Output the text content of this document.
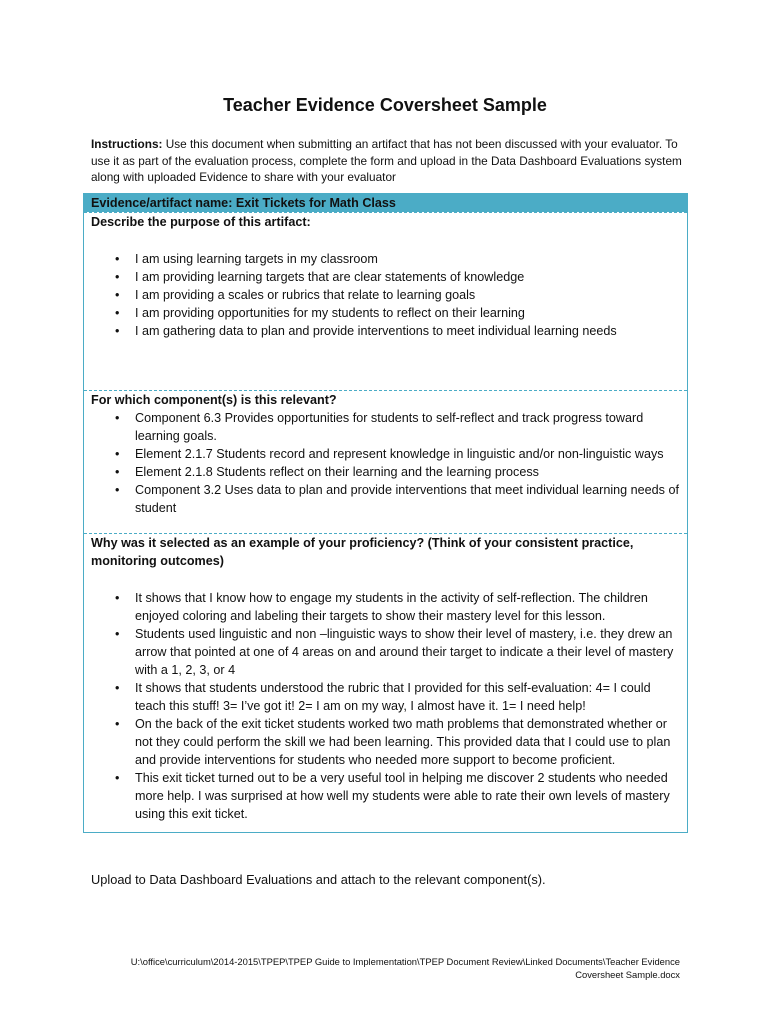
Teacher Evidence Coversheet Sample
Instructions: Use this document when submitting an artifact that has not been discussed with your evaluator. To use it as part of the evaluation process, complete the form and upload in the Data Dashboard Evaluations system along with uploaded Evidence to share with your evaluator
Evidence/artifact name: Exit Tickets for Math Class
Describe the purpose of this artifact:
• I am using learning targets in my classroom
• I am providing learning targets that are clear statements of knowledge
• I am providing a scales or rubrics that relate to learning goals
• I am providing opportunities for my students to reflect on their learning
• I am gathering data to plan and provide interventions to meet individual learning needs
For which component(s) is this relevant?
• Component 6.3 Provides opportunities for students to self-reflect and track progress toward learning goals.
• Element 2.1.7 Students record and represent knowledge in linguistic and/or non-linguistic ways
• Element 2.1.8 Students reflect on their learning and the learning process
• Component 3.2 Uses data to plan and provide interventions that meet individual learning needs of student
Why was it selected as an example of your proficiency? (Think of your consistent practice, monitoring outcomes)
• It shows that I know how to engage my students in the activity of self-reflection. The children enjoyed coloring and labeling their targets to show their mastery level for this lesson.
• Students used linguistic and non –linguistic ways to show their level of mastery, i.e. they drew an arrow that pointed at one of 4 areas on and around their target to indicate a their level of mastery with a 1, 2, 3, or 4
• It shows that students understood the rubric that I provided for this self-evaluation: 4= I could teach this stuff! 3= I’ve got it! 2= I am on my way, I almost have it. 1= I need help!
• On the back of the exit ticket students worked two math problems that demonstrated whether or not they could perform the skill we had been learning. This provided data that I could use to plan and provide interventions for students who needed more support to become proficient.
• This exit ticket turned out to be a very useful tool in helping me discover 2 students who needed more help. I was surprised at how well my students were able to rate their own levels of mastery using this exit ticket.
Upload to Data Dashboard Evaluations and attach to the relevant component(s).
U:\office\curriculum\2014-2015\TPEP\TPEP Guide to Implementation\TPEP Document Review\Linked Documents\Teacher Evidence Coversheet Sample.docx
